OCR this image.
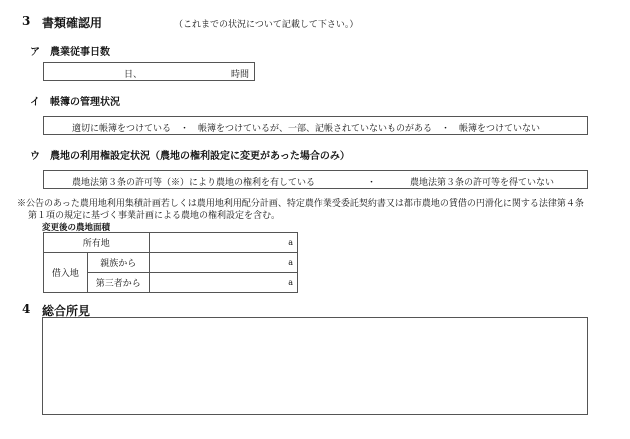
3 書類確認用	（これまでの状況について記載して下さい。）
ア　農業従事日数
日、	時間
イ　帳簿の管理状況
適切に帳簿をつけている　・　帳簿をつけているが、一部、記帳されていないものがある　・　帳簿をつけていない
ウ　農地の利用権設定状況（農地の権利設定に変更があった場合のみ）
農地法第３条の許可等（※）により農地の権利を有している	・	農地法第３条の許可等を得ていない
※公告のあった農用地利用集積計画若しくは農用地利用配分計画、特定農作業受委託契約書又は都市農地の賃借の円滑化に関する法律第４条
第１項の規定に基づく事業計画による農地の権利設定を含む。
変更後の農地面積
所有地		a
借入地	親族から	a
	第三者から	a
4 総合所見
